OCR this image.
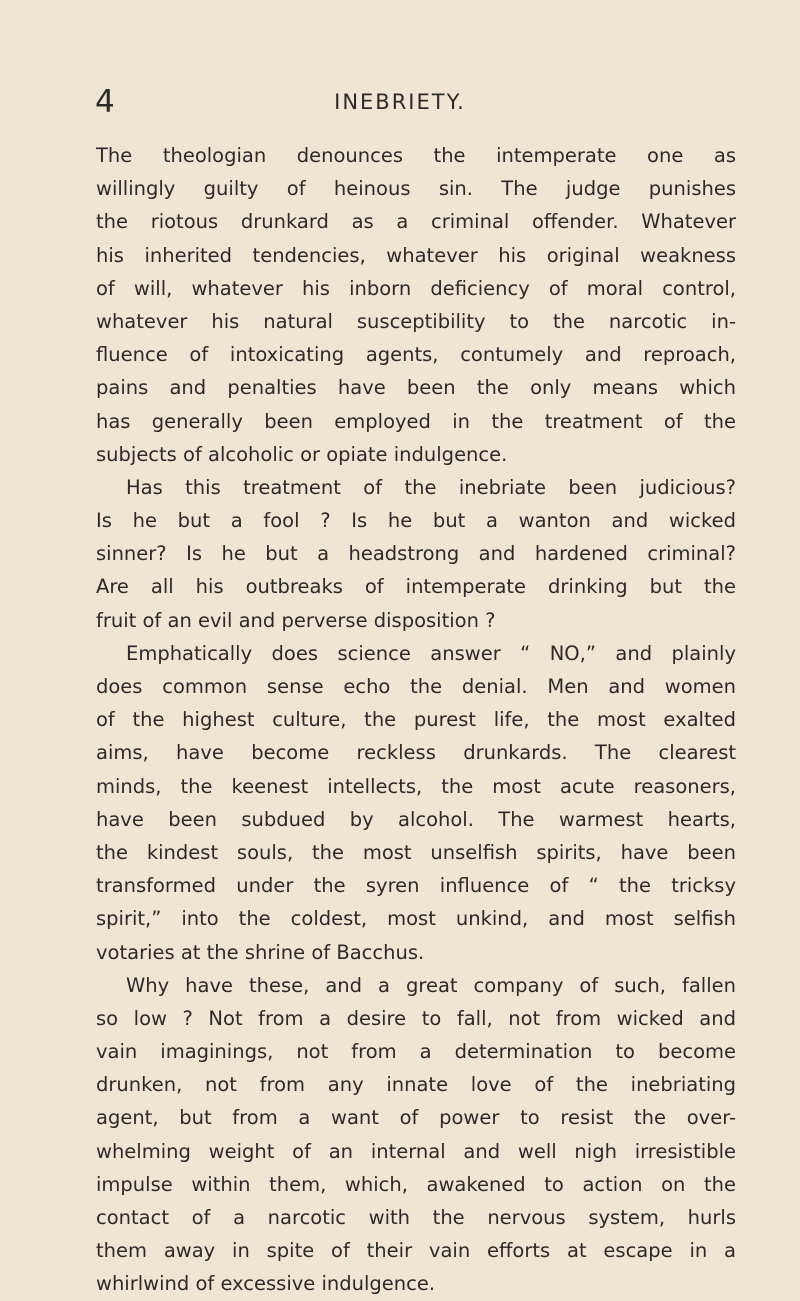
4	INEBRIETY.
The theologian denounces the intemperate one as
willingly guilty of heinous sin. The judge punishes
the riotous drunkard as a criminal offender. Whatever
his inherited tendencies, whatever his original weakness
of will, whatever his inborn deficiency of moral control,
whatever his natural susceptibility to the narcotic in-
fluence of intoxicating agents, contumely and reproach,
pains and penalties have been the only means which
has generally been employed in the treatment of the
subjects of alcoholic or opiate indulgence.
Has this treatment of the inebriate been judicious?
Is he but a fool ? Is he but a wanton and wicked
sinner? Is he but a headstrong and hardened criminal?
Are all his outbreaks of intemperate drinking but the
fruit of an evil and perverse disposition ?
Emphatically does science answer “ NO,” and plainly
does common sense echo the denial. Men and women
of the highest culture, the purest life, the most exalted
aims, have become reckless drunkards. The clearest
minds, the keenest intellects, the most acute reasoners,
have been subdued by alcohol. The warmest hearts,
the kindest souls, the most unselfish spirits, have been
transformed under the syren influence of “ the tricksy
spirit,” into the coldest, most unkind, and most selfish
votaries at the shrine of Bacchus.
Why have these, and a great company of such, fallen
so low ? Not from a desire to fall, not from wicked and
vain imaginings, not from a determination to become
drunken, not from any innate love of the inebriating
agent, but from a want of power to resist the over-
whelming weight of an internal and well nigh irresistible
impulse within them, which, awakened to action on the
contact of a narcotic with the nervous system, hurls
them away in spite of their vain efforts at escape in a
whirlwind of excessive indulgence.
